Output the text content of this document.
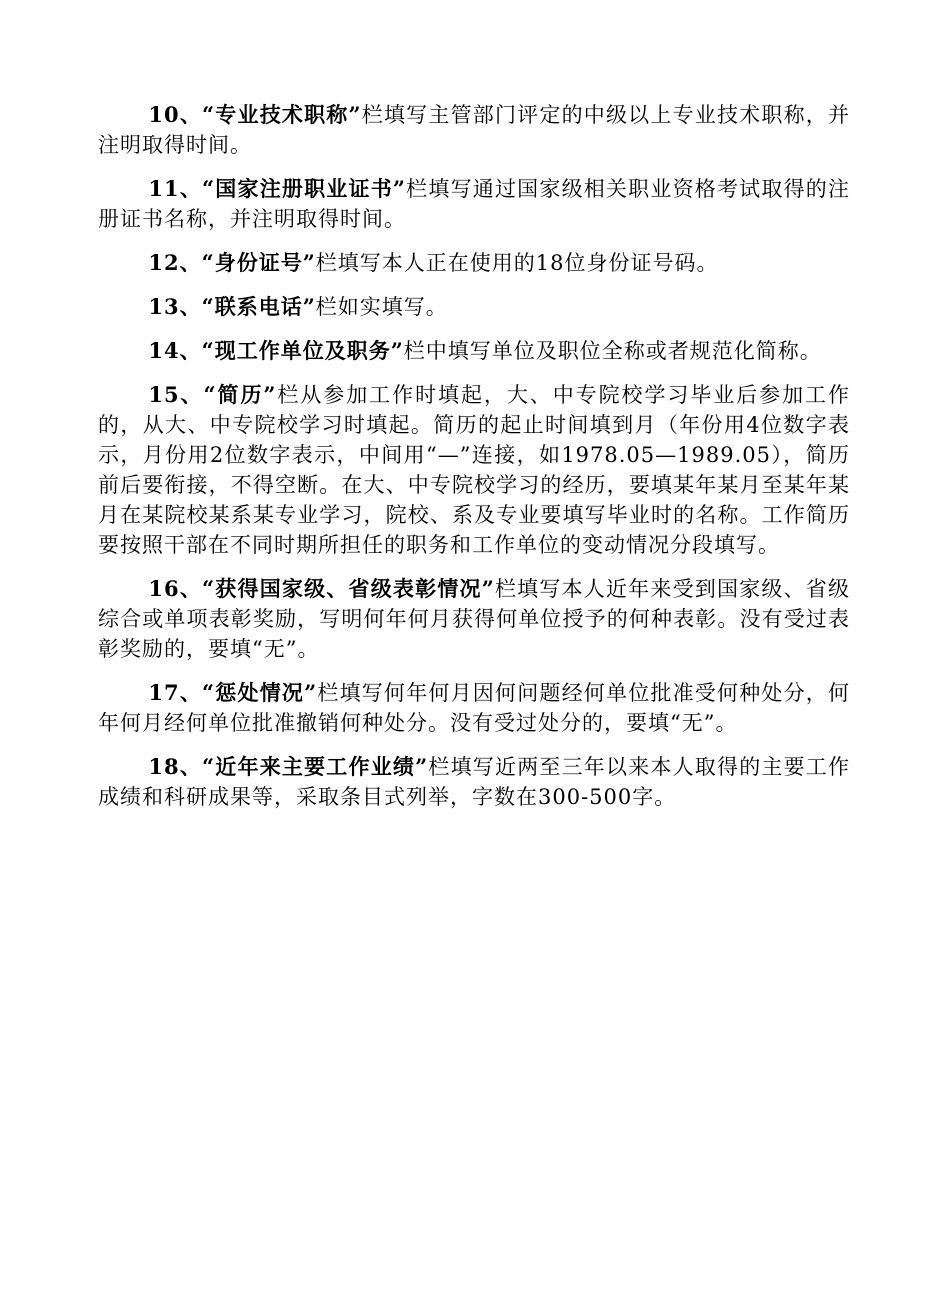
10、“专业技术职称”栏填写主管部门评定的中级以上专业技术职称，并注明取得时间。

11、“国家注册职业证书”栏填写通过国家级相关职业资格考试取得的注册证书名称，并注明取得时间。

12、“身份证号”栏填写本人正在使用的18位身份证号码。

13、“联系电话”栏如实填写。

14、“现工作单位及职务”栏中填写单位及职位全称或者规范化简称。

15、“简历”栏从参加工作时填起，大、中专院校学习毕业后参加工作的，从大、中专院校学习时填起。简历的起止时间填到月（年份用4位数字表示，月份用2位数字表示，中间用“—”连接，如1978.05—1989.05），简历前后要衔接，不得空断。在大、中专院校学习的经历，要填某年某月至某年某月在某院校某系某专业学习，院校、系及专业要填写毕业时的名称。工作简历要按照干部在不同时期所担任的职务和工作单位的变动情况分段填写。

16、“获得国家级、省级表彰情况”栏填写本人近年来受到国家级、省级综合或单项表彰奖励，写明何年何月获得何单位授予的何种表彰。没有受过表彰奖励的，要填“无”。

17、“惩处情况”栏填写何年何月因何问题经何单位批准受何种处分，何年何月经何单位批准撤销何种处分。没有受过处分的，要填“无”。

18、“近年来主要工作业绩”栏填写近两至三年以来本人取得的主要工作成绩和科研成果等，采取条目式列举，字数在300-500字。
